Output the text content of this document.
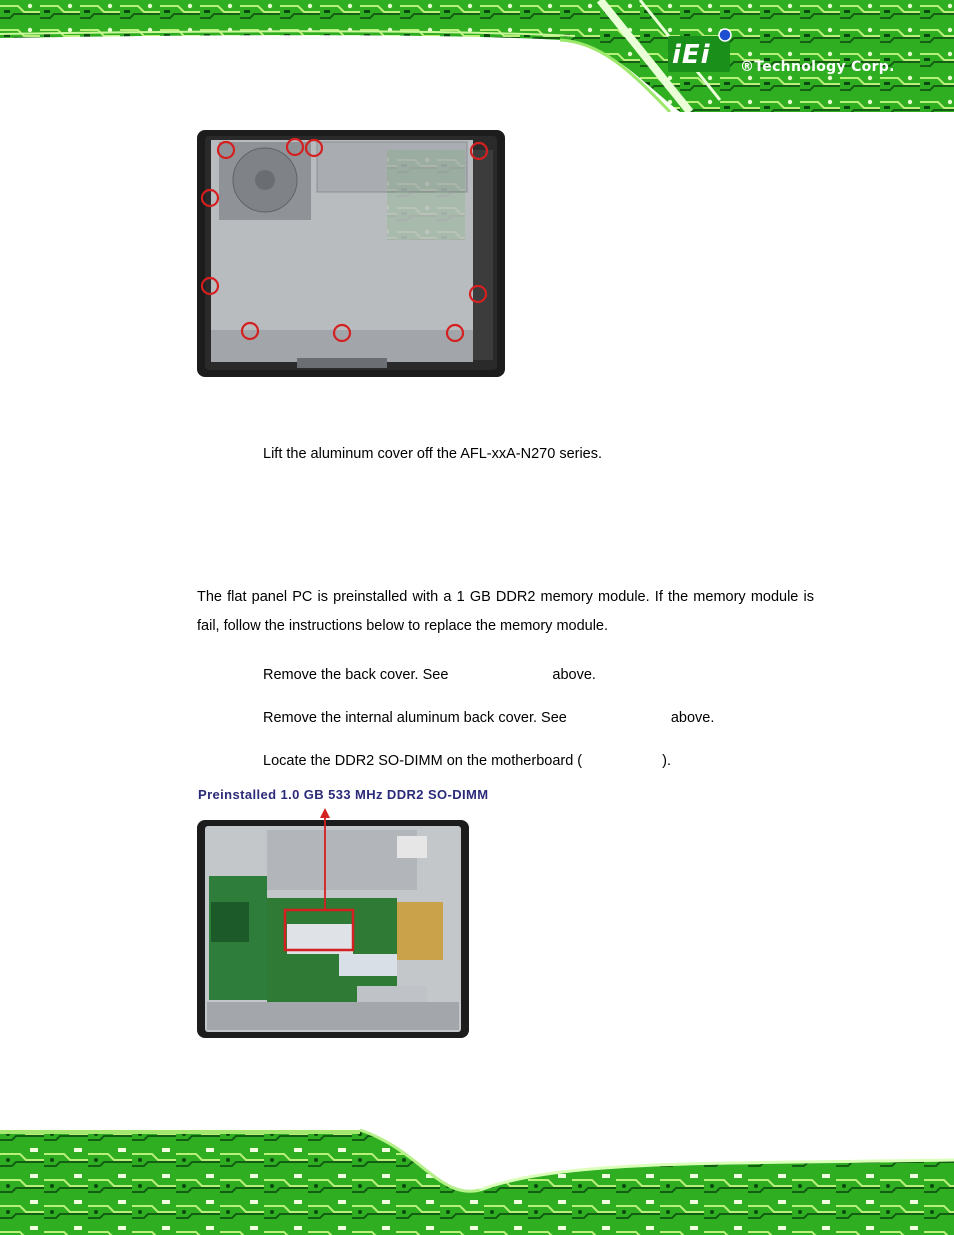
iEi ®Technology Corp.
Lift the aluminum cover off the AFL-xxA-N270 series.
The flat panel PC is preinstalled with a 1 GB DDR2 memory module. If the memory module is fail, follow the instructions below to replace the memory module.
Remove the back cover. See	above.
Remove the internal aluminum back cover. See	above.
Locate the DDR2 SO-DIMM on the motherboard (	).
Preinstalled 1.0 GB 533 MHz DDR2 SO-DIMM
